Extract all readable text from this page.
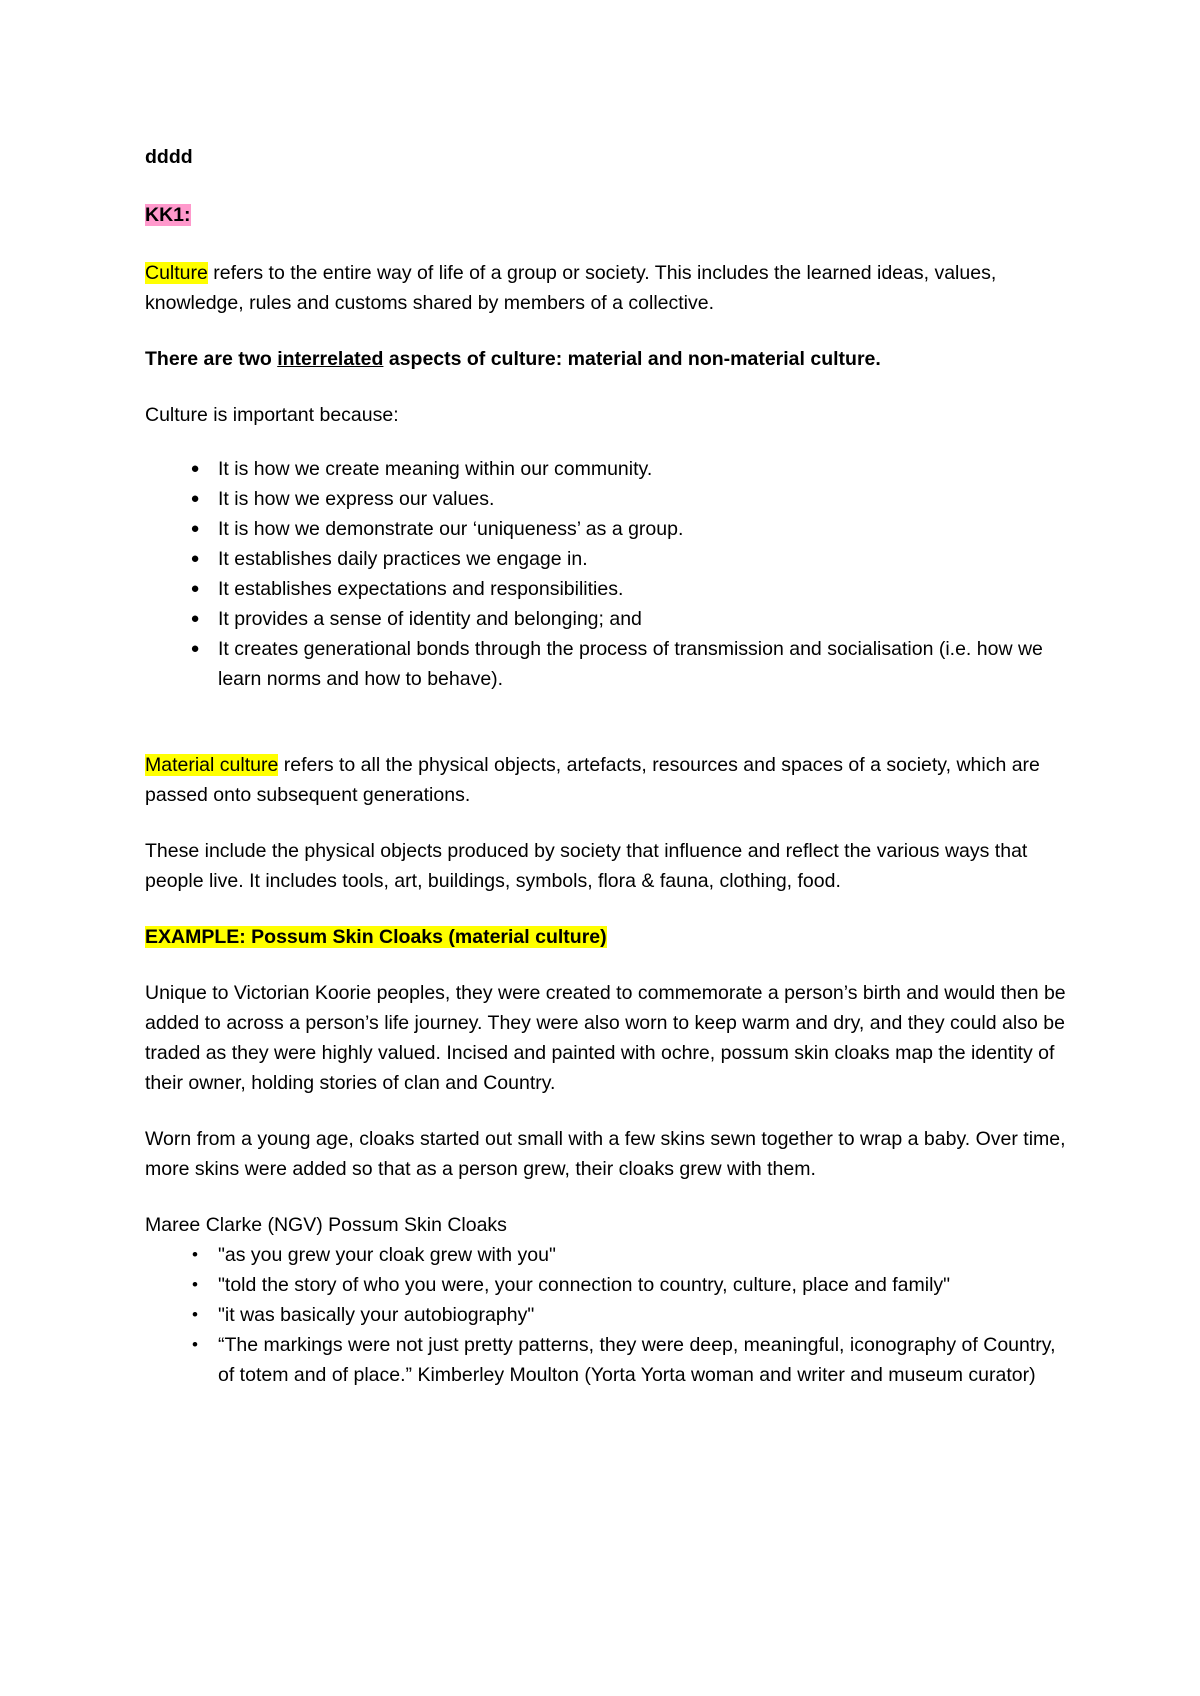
dddd

KK1:

Culture refers to the entire way of life of a group or society. This includes the learned ideas, values, knowledge, rules and customs shared by members of a collective.

There are two interrelated aspects of culture: material and non-material culture.

Culture is important because:

● It is how we create meaning within our community.
● It is how we express our values.
● It is how we demonstrate our ‘uniqueness’ as a group.
● It establishes daily practices we engage in.
● It establishes expectations and responsibilities.
● It provides a sense of identity and belonging; and
● It creates generational bonds through the process of transmission and socialisation (i.e. how we learn norms and how to behave).

Material culture refers to all the physical objects, artefacts, resources and spaces of a society, which are passed onto subsequent generations.

These include the physical objects produced by society that influence and reflect the various ways that people live. It includes tools, art, buildings, symbols, flora & fauna, clothing, food.

EXAMPLE: Possum Skin Cloaks (material culture)

Unique to Victorian Koorie peoples, they were created to commemorate a person’s birth and would then be added to across a person’s life journey. They were also worn to keep warm and dry, and they could also be traded as they were highly valued. Incised and painted with ochre, possum skin cloaks map the identity of their owner, holding stories of clan and Country.

Worn from a young age, cloaks started out small with a few skins sewn together to wrap a baby. Over time, more skins were added so that as a person grew, their cloaks grew with them.

Maree Clarke (NGV) Possum Skin Cloaks

•	"as you grew your cloak grew with you"
•	"told the story of who you were, your connection to country, culture, place and family"
•	"it was basically your autobiography"
•	“The markings were not just pretty patterns, they were deep, meaningful, iconography of Country, of totem and of place.” Kimberley Moulton (Yorta Yorta woman and writer and museum curator)
